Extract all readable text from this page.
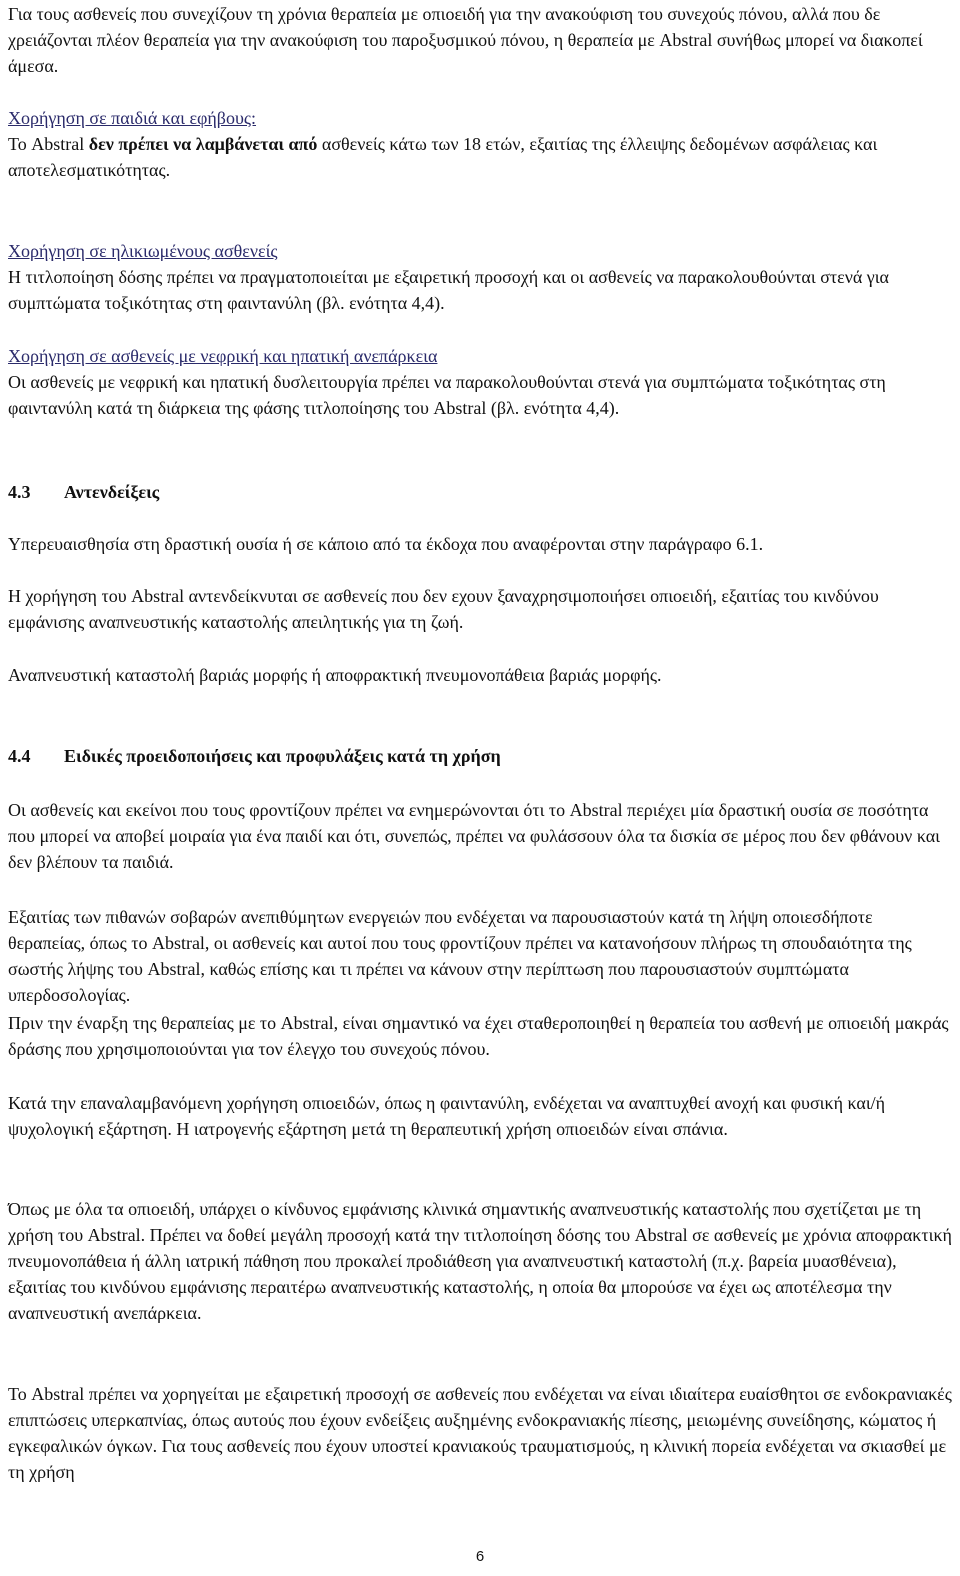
Για τους ασθενείς που συνεχίζουν τη χρόνια θεραπεία με οπιοειδή για την ανακούφιση του συνεχούς πόνου, αλλά που δε χρειάζονται πλέον θεραπεία για την ανακούφιση του παροξυσμικού πόνου, η θεραπεία με Abstral συνήθως μπορεί να διακοπεί άμεσα.

Χορήγηση σε παιδιά και εφήβους:

Το Abstral δεν πρέπει να λαμβάνεται από ασθενείς κάτω των 18 ετών, εξαιτίας της έλλειψης δεδομένων ασφάλειας και αποτελεσματικότητας.

Χορήγηση σε ηλικιωμένους ασθενείς

Η τιτλοποίηση δόσης πρέπει να πραγματοποιείται με εξαιρετική προσοχή και οι ασθενείς να παρακολουθούνται στενά για συμπτώματα τοξικότητας στη φαιντανύλη (βλ. ενότητα 4,4).

Χορήγηση σε ασθενείς με νεφρική και ηπατική ανεπάρκεια

Οι ασθενείς με νεφρική και ηπατική δυσλειτουργία πρέπει να παρακολουθούνται στενά για συμπτώματα τοξικότητας στη φαιντανύλη κατά τη διάρκεια της φάσης τιτλοποίησης του Abstral (βλ. ενότητα 4,4).

4.3	Αντενδείξεις

Υπερευαισθησία στη δραστική ουσία ή σε κάποιο από τα έκδοχα που αναφέρονται στην παράγραφο 6.1.

Η χορήγηση του Abstral αντενδείκνυται σε ασθενείς που δεν εχουν ξαναχρησιμοποιήσει οπιοειδή, εξαιτίας του κινδύνου εμφάνισης αναπνευστικής καταστολής απειλητικής για τη ζωή.

Αναπνευστική καταστολή βαριάς μορφής ή αποφρακτική πνευμονοπάθεια βαριάς μορφής.

4.4	Ειδικές προειδοποιήσεις και προφυλάξεις κατά τη χρήση

Οι ασθενείς και εκείνοι που τους φροντίζουν πρέπει να ενημερώνονται ότι το Abstral περιέχει μία δραστική ουσία σε ποσότητα που μπορεί να αποβεί μοιραία για ένα παιδί και ότι, συνεπώς, πρέπει να φυλάσσουν όλα τα δισκία σε μέρος που δεν φθάνουν και δεν βλέπουν τα παιδιά.

Εξαιτίας των πιθανών σοβαρών ανεπιθύμητων ενεργειών που ενδέχεται να παρουσιαστούν κατά τη λήψη οποιεσδήποτε θεραπείας, όπως το Abstral, οι ασθενείς και αυτοί που τους φροντίζουν πρέπει να κατανοήσουν πλήρως τη σπουδαιότητα της σωστής λήψης του Abstral, καθώς επίσης και τι πρέπει να κάνουν στην περίπτωση που παρουσιαστούν συμπτώματα υπερδοσολογίας.

Πριν την έναρξη της θεραπείας με το Abstral, είναι σημαντικό να έχει σταθεροποιηθεί η θεραπεία του ασθενή με οπιοειδή μακράς δράσης που χρησιμοποιούνται για τον έλεγχο του συνεχούς πόνου.

Κατά την επαναλαμβανόμενη χορήγηση οπιοειδών, όπως η φαιντανύλη, ενδέχεται να αναπτυχθεί ανοχή και φυσική και/ή ψυχολογική εξάρτηση. Η ιατρογενής εξάρτηση μετά τη θεραπευτική χρήση οπιοειδών είναι σπάνια.

Όπως με όλα τα οπιοειδή, υπάρχει ο κίνδυνος εμφάνισης κλινικά σημαντικής αναπνευστικής καταστολής που σχετίζεται με τη χρήση του Abstral. Πρέπει να δοθεί μεγάλη προσοχή κατά την τιτλοποίηση δόσης του Abstral σε ασθενείς με χρόνια αποφρακτική πνευμονοπάθεια ή άλλη ιατρική πάθηση που προκαλεί προδιάθεση για αναπνευστική καταστολή (π.χ. βαρεία μυασθένεια), εξαιτίας του κινδύνου εμφάνισης περαιτέρω αναπνευστικής καταστολής, η οποία θα μπορούσε να έχει ως αποτέλεσμα την αναπνευστική ανεπάρκεια.

Το Abstral πρέπει να χορηγείται με εξαιρετική προσοχή σε ασθενείς που ενδέχεται να είναι ιδιαίτερα ευαίσθητοι σε ενδοκρανιακές επιπτώσεις υπερκαπνίας, όπως αυτούς που έχουν ενδείξεις αυξημένης ενδοκρανιακής πίεσης, μειωμένης συνείδησης, κώματος ή εγκεφαλικών όγκων. Για τους ασθενείς που έχουν υποστεί κρανιακούς τραυματισμούς, η κλινική πορεία ενδέχεται να σκιασθεί με τη χρήση

6
